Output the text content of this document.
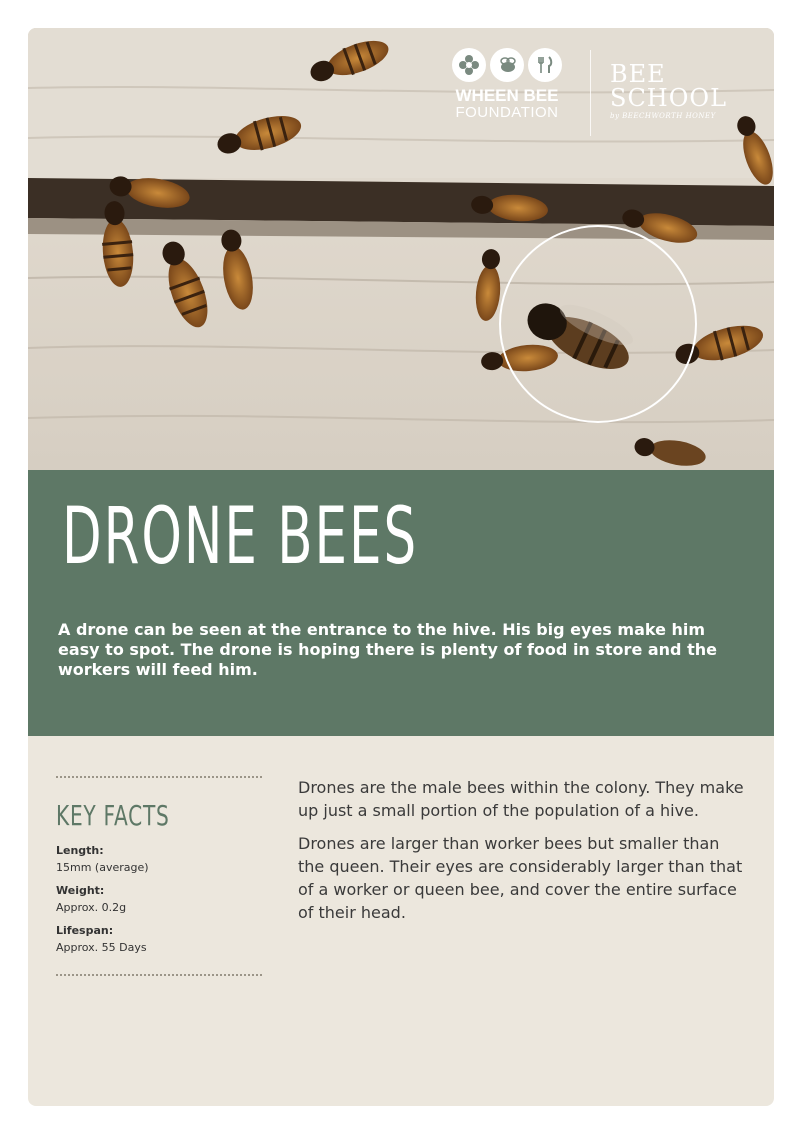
WHEEN BEE
FOUNDATION
BEE
SCHOOL
by BEECHWORTH HONEY
DRONE BEES

A drone can be seen at the entrance to the hive. His big eyes make him easy to spot. The drone is hoping there is plenty of food in store and the workers will feed him.

KEY FACTS
Length:
15mm (average)
Weight:
Approx. 0.2g
Lifespan:
Approx. 55 Days

Drones are the male bees within the colony. They make up just a small portion of the population of a hive.

Drones are larger than worker bees but smaller than the queen. Their eyes are considerably larger than that of a worker or queen bee, and cover the entire surface of their head.
